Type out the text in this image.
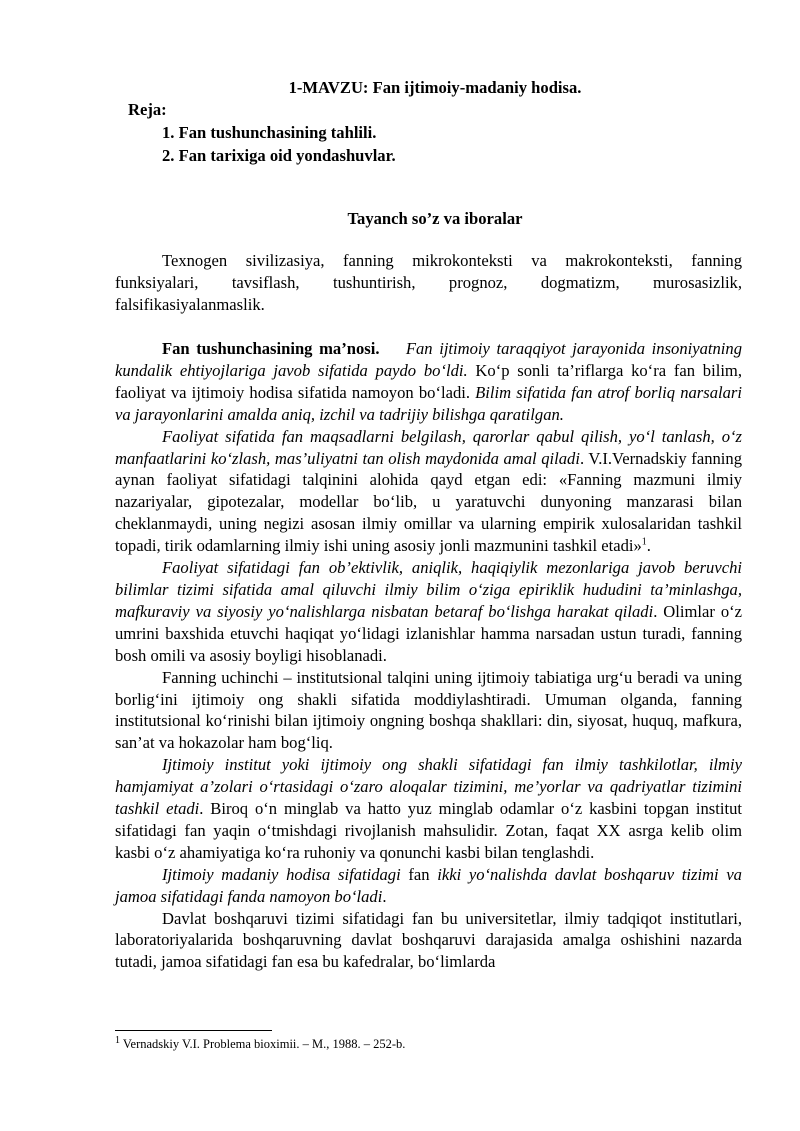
1-MAVZU: Fan ijtimoiy-madaniy hodisa.
Reja:
1. Fan tushunchasining tahlili.
2. Fan tarixiga oid yondashuvlar.
Tayanch so’z va iboralar

Texnogen sivilizasiya, fanning mikrokonteksti va makrokonteksti, fanning funksiyalari, tavsiflash, tushuntirish, prognoz, dogmatizm, murosasizlik, falsifikasiyalanmaslik.

Fan tushunchasining ma’nosi. Fan ijtimoiy taraqqiyot jarayonida insoniyatning kundalik ehtiyojlariga javob sifatida paydo bo‘ldi. Ko‘p sonli ta’riflarga ko‘ra fan bilim, faoliyat va ijtimoiy hodisa sifatida namoyon bo‘ladi. Bilim sifatida fan atrof borliq narsalari va jarayonlarini amalda aniq, izchil va tadrijiy bilishga qaratilgan.

Faoliyat sifatida fan maqsadlarni belgilash, qarorlar qabul qilish, yo‘l tanlash, o‘z manfaatlarini ko‘zlash, mas’uliyatni tan olish maydonida amal qiladi. V.I.Vernadskiy fanning aynan faoliyat sifatidagi talqinini alohida qayd etgan edi: «Fanning mazmuni ilmiy nazariyalar, gipotezalar, modellar bo‘lib, u yaratuvchi dunyoning manzarasi bilan cheklanmaydi, uning negizi asosan ilmiy omillar va ularning empirik xulosalaridan tashkil topadi, tirik odamlarning ilmiy ishi uning asosiy jonli mazmunini tashkil etadi»$^1$.

Faoliyat sifatidagi fan ob’ektivlik, aniqlik, haqiqiylik mezonlariga javob beruvchi bilimlar tizimi sifatida amal qiluvchi ilmiy bilim o‘ziga epiriklik hududini ta’minlashga, mafkuraviy va siyosiy yo‘nalishlarga nisbatan betaraf bo‘lishga harakat qiladi. Olimlar o‘z umrini baxshida etuvchi haqiqat yo‘lidagi izlanishlar hamma narsadan ustun turadi, fanning bosh omili va asosiy boyligi hisoblanadi.

Fanning uchinchi – institutsional talqini uning ijtimoiy tabiatiga urg‘u beradi va uning borlig‘ini ijtimoiy ong shakli sifatida moddiylashtiradi. Umuman olganda, fanning institutsional ko‘rinishi bilan ijtimoiy ongning boshqa shakllari: din, siyosat, huquq, mafkura, san’at va hokazolar ham bog‘liq.

Ijtimoiy institut yoki ijtimoiy ong shakli sifatidagi fan ilmiy tashkilotlar, ilmiy hamjamiyat a’zolari o‘rtasidagi o‘zaro aloqalar tizimini, me’yorlar va qadriyatlar tizimini tashkil etadi. Biroq o‘n minglab va hatto yuz minglab odamlar o‘z kasbini topgan institut sifatidagi fan yaqin o‘tmishdagi rivojlanish mahsulidir. Zotan, faqat XX asrga kelib olim kasbi o‘z ahamiyatiga ko‘ra ruhoniy va qonunchi kasbi bilan tenglashdi.

Ijtimoiy madaniy hodisa sifatidagi fan ikki yo‘nalishda davlat boshqaruv tizimi va jamoa sifatidagi fanda namoyon bo‘ladi.

Davlat boshqaruvi tizimi sifatidagi fan bu universitetlar, ilmiy tadqiqot institutlari, laboratoriyalarida boshqaruvning davlat boshqaruvi darajasida amalga oshishini nazarda tutadi, jamoa sifatidagi fan esa bu kafedralar, bo‘limlarda

$^1$ Vernadskiy V.I. Problema bioximii. – M., 1988. – 252-b.
